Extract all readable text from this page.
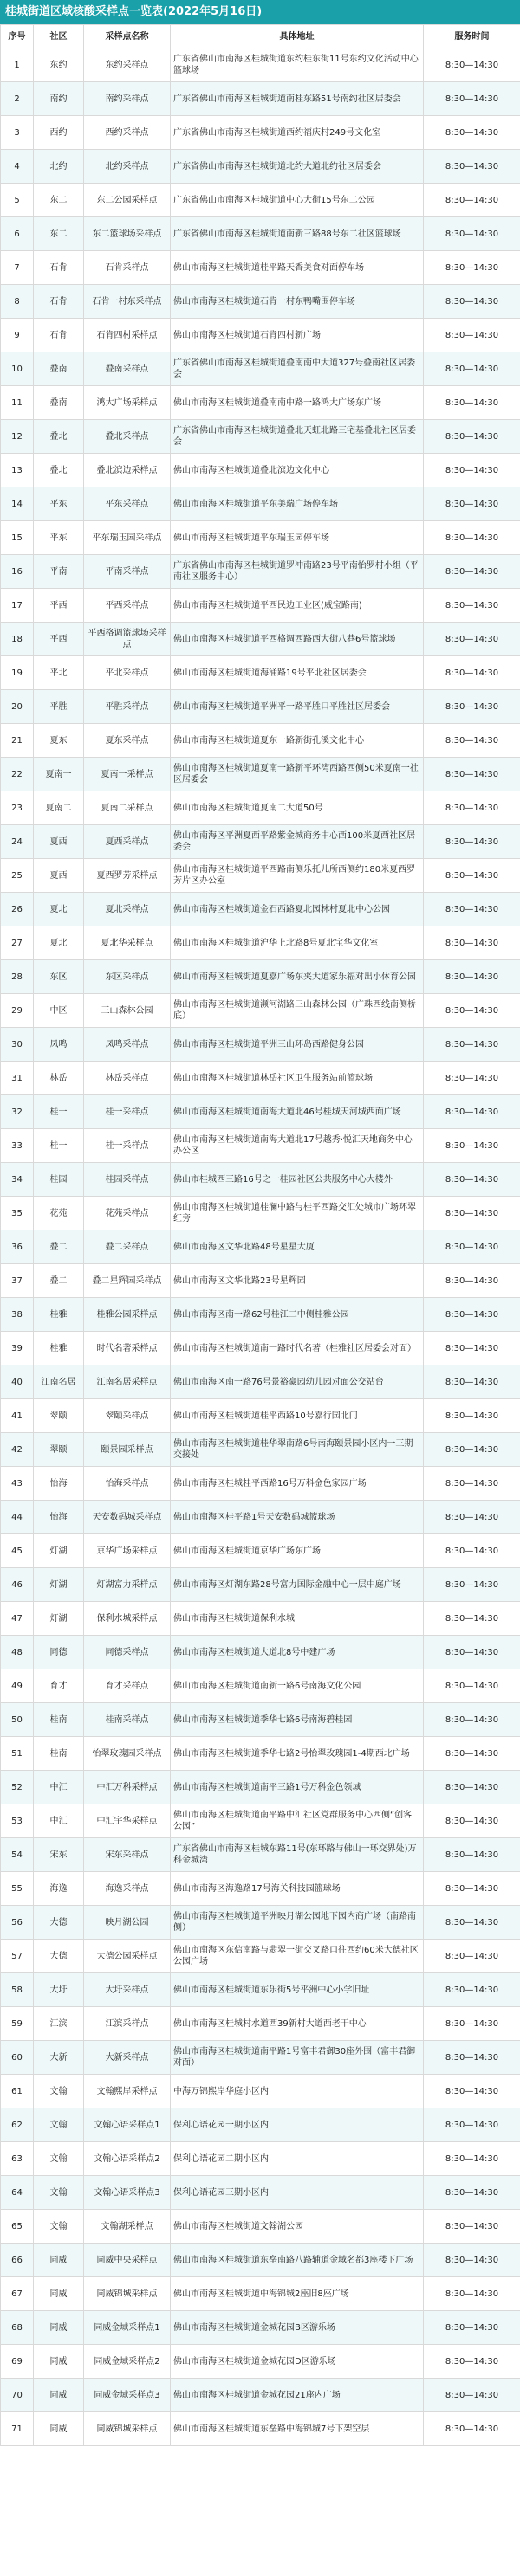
桂城街道区域核酸采样点一览表(2022年5月16日)
序号	社区	采样点名称	具体地址	服务时间
1	东约	东约采样点	广东省佛山市南海区桂城街道东约桂东街11号东约文化活动中心篮球场	8:30—14:30
2	南约	南约采样点	广东省佛山市南海区桂城街道南桂东路51号南约社区居委会	8:30—14:30
3	西约	西约采样点	广东省佛山市南海区桂城街道西约福庆村249号文化室	8:30—14:30
4	北约	北约采样点	广东省佛山市南海区桂城街道北约大道北约社区居委会	8:30—14:30
5	东二	东二公园采样点	广东省佛山市南海区桂城街道中心大街15号东二公园	8:30—14:30
6	东二	东二篮球场采样点	广东省佛山市南海区桂城街道南新三路88号东二社区篮球场	8:30—14:30
7	石肯	石肯采样点	佛山市南海区桂城街道桂平路天香美食对面停车场	8:30—14:30
8	石肯	石肯一村东采样点	佛山市南海区桂城街道石肯一村东鸭嘴围停车场	8:30—14:30
9	石肯	石肯四村采样点	佛山市南海区桂城街道石肯四村新广场	8:30—14:30
10	叠南	叠南采样点	广东省佛山市南海区桂城街道叠南南中大道327号叠南社区居委会	8:30—14:30
11	叠南	鸿大广场采样点	佛山市南海区桂城街道叠南南中路一路鸿大广场东广场	8:30—14:30
12	叠北	叠北采样点	广东省佛山市南海区桂城街道叠北天虹北路三宅基叠北社区居委会	8:30—14:30
13	叠北	叠北滨边采样点	佛山市南海区桂城街道叠北滨边文化中心	8:30—14:30
14	平东	平东采样点	佛山市南海区桂城街道平东美瑞广场停车场	8:30—14:30
15	平东	平东瑞玉园采样点	佛山市南海区桂城街道平东瑞玉园停车场	8:30—14:30
16	平南	平南采样点	广东省佛山市南海区桂城街道罗冲南路23号平南怡罗村小组（平南社区服务中心）	8:30—14:30
17	平西	平西采样点	佛山市南海区桂城街道平西民边工业区(威宝路南)	8:30—14:30
18	平西	平西格调篮球场采样点	佛山市南海区桂城街道平西格调西路西大街八巷6号篮球场	8:30—14:30
19	平北	平北采样点	佛山市南海区桂城街道海涌路19号平北社区居委会	8:30—14:30
20	平胜	平胜采样点	佛山市南海区桂城街道平洲平一路平胜口平胜社区居委会	8:30—14:30
21	夏东	夏东采样点	佛山市南海区桂城街道夏东一路新街孔溪文化中心	8:30—14:30
22	夏南一	夏南一采样点	佛山市南海区桂城街道夏南一路新平环湾西路西侧50米夏南一社区居委会	8:30—14:30
23	夏南二	夏南二采样点	佛山市南海区桂城街道夏南二大道50号	8:30—14:30
24	夏西	夏西采样点	佛山市南海区平洲夏西平路紫金城商务中心西100米夏西社区居委会	8:30—14:30
25	夏西	夏西罗芳采样点	佛山市南海区桂城街道平西路南侧乐托儿所西侧约180米夏西罗芳片区办公室	8:30—14:30
26	夏北	夏北采样点	佛山市南海区桂城街道金石西路夏北园林村夏北中心公园	8:30—14:30
27	夏北	夏北华采样点	佛山市南海区桂城街道沪华上北路8号夏北宝华文化室	8:30—14:30
28	东区	东区采样点	佛山市南海区桂城街道夏嘉广场东夹大道家乐福对出小休育公园	8:30—14:30
29	中区	三山森林公园	佛山市南海区桂城街道濒河湖路三山森林公园（广珠西线南侧桥底）	8:30—14:30
30	凤鸣	凤鸣采样点	佛山市南海区桂城街道平洲三山环岛西路健身公园	8:30—14:30
31	林岳	林岳采样点	佛山市南海区桂城街道林岳社区卫生服务站前篮球场	8:30—14:30
32	桂一	桂一采样点	佛山市南海区桂城街道南海大道北46号桂城天河城西面广场	8:30—14:30
33	桂一	桂一采样点	佛山市南海区桂城街道南海大道北17号越秀·悦汇天地商务中心办公区	8:30—14:30
34	桂园	桂园采样点	佛山市桂城西三路16号之一桂园社区公共服务中心大楼外	8:30—14:30
35	花苑	花苑采样点	佛山市南海区桂城街道桂澜中路与桂平西路交汇处城市广场环翠红旁	8:30—14:30
36	叠二	叠二采样点	佛山市南海区文华北路48号星星大厦	8:30—14:30
37	叠二	叠二星辉园采样点	佛山市南海区文华北路23号星辉园	8:30—14:30
38	桂雅	桂雅公园采样点	佛山市南海区南一路62号桂江二中侧桂雅公园	8:30—14:30
39	桂雅	时代名著采样点	佛山市南海区桂城街道南一路时代名著（桂雅社区居委会对面）	8:30—14:30
40	江南名居	江南名居采样点	佛山市南海区南一路76号景裕豪园幼儿园对面公交站台	8:30—14:30
41	翠颐	翠颐采样点	佛山市南海区桂城街道桂平西路10号嘉行园北门	8:30—14:30
42	翠颐	颐景园采样点	佛山市南海区桂城街道桂华翠南路6号南海颐景园小区内一三期交接处	8:30—14:30
43	怡海	怡海采样点	佛山市南海区桂城桂平西路16号万科金色家园广场	8:30—14:30
44	怡海	天安数码城采样点	佛山市南海区桂平路1号天安数码城篮球场	8:30—14:30
45	灯湖	京华广场采样点	佛山市南海区桂城街道京华广场东广场	8:30—14:30
46	灯湖	灯湖富力采样点	佛山市南海区灯湖东路28号富力国际金融中心一层中庭广场	8:30—14:30
47	灯湖	保利水城采样点	佛山市南海区桂城街道保利水城	8:30—14:30
48	同德	同德采样点	佛山市南海区桂城街道大道北8号中建广场	8:30—14:30
49	育才	育才采样点	佛山市南海区桂城街道南新一路6号南海文化公园	8:30—14:30
50	桂南	桂南采样点	佛山市南海区桂城街道季华七路6号南海碧桂园	8:30—14:30
51	桂南	怡翠玫瑰园采样点	佛山市南海区桂城街道季华七路2号怡翠玫瑰园1-4期西北广场	8:30—14:30
52	中汇	中汇万科采样点	佛山市南海区桂城街道南平三路1号万科金色领域	8:30—14:30
53	中汇	中汇宇华采样点	佛山市南海区桂城街道南平路中汇社区党群服务中心西侧“创客公园”	8:30—14:30
54	宋东	宋东采样点	广东省佛山市南海区桂城东路11号(东环路与佛山一环交界处)万科金城湾	8:30—14:30
55	海逸	海逸采样点	佛山市南海区海逸路17号海关科技园篮球场	8:30—14:30
56	大德	映月湖公园	佛山市南海区桂城街道平洲映月湖公园地下园内商广场（南路南侧）	8:30—14:30
57	大德	大德公园采样点	佛山市南海区东信南路与翡翠一街交叉路口往西约60米大德社区公园广场	8:30—14:30
58	大圩	大圩采样点	佛山市南海区桂城街道东乐街5号平洲中心小学旧址	8:30—14:30
59	江滨	江滨采样点	佛山市南海区桂城村水道西39新村大道西老干中心	8:30—14:30
60	大新	大新采样点	佛山市南海区桂城街道南平路1号富丰君御30座外围（富丰君御对面）	8:30—14:30
61	文翰	文翰熙岸采样点	中海万锦熙岸华庭小区内	8:30—14:30
62	文翰	文翰心语采样点1	保利心语花园一期小区内	8:30—14:30
63	文翰	文翰心语采样点2	保利心语花园二期小区内	8:30—14:30
64	文翰	文翰心语采样点3	保利心语花园三期小区内	8:30—14:30
65	文翰	文翰湖采样点	佛山市南海区桂城街道文翰湖公园	8:30—14:30
66	同威	同威中央采样点	佛山市南海区桂城街道东垒南路八路辅道金域名都3座楼下广场	8:30—14:30
67	同威	同威锦城采样点	佛山市南海区桂城街道中海锦城2座旧8座广场	8:30—14:30
68	同威	同威金域采样点1	佛山市南海区桂城街道金城花园B区游乐场	8:30—14:30
69	同威	同威金域采样点2	佛山市南海区桂城街道金城花园D区游乐场	8:30—14:30
70	同威	同威金域采样点3	佛山市南海区桂城街道金城花园21座内广场	8:30—14:30
71	同威	同威锦城采样点	佛山市南海区桂城街道东垒路中海锦城7号下架空层	8:30—14:30
